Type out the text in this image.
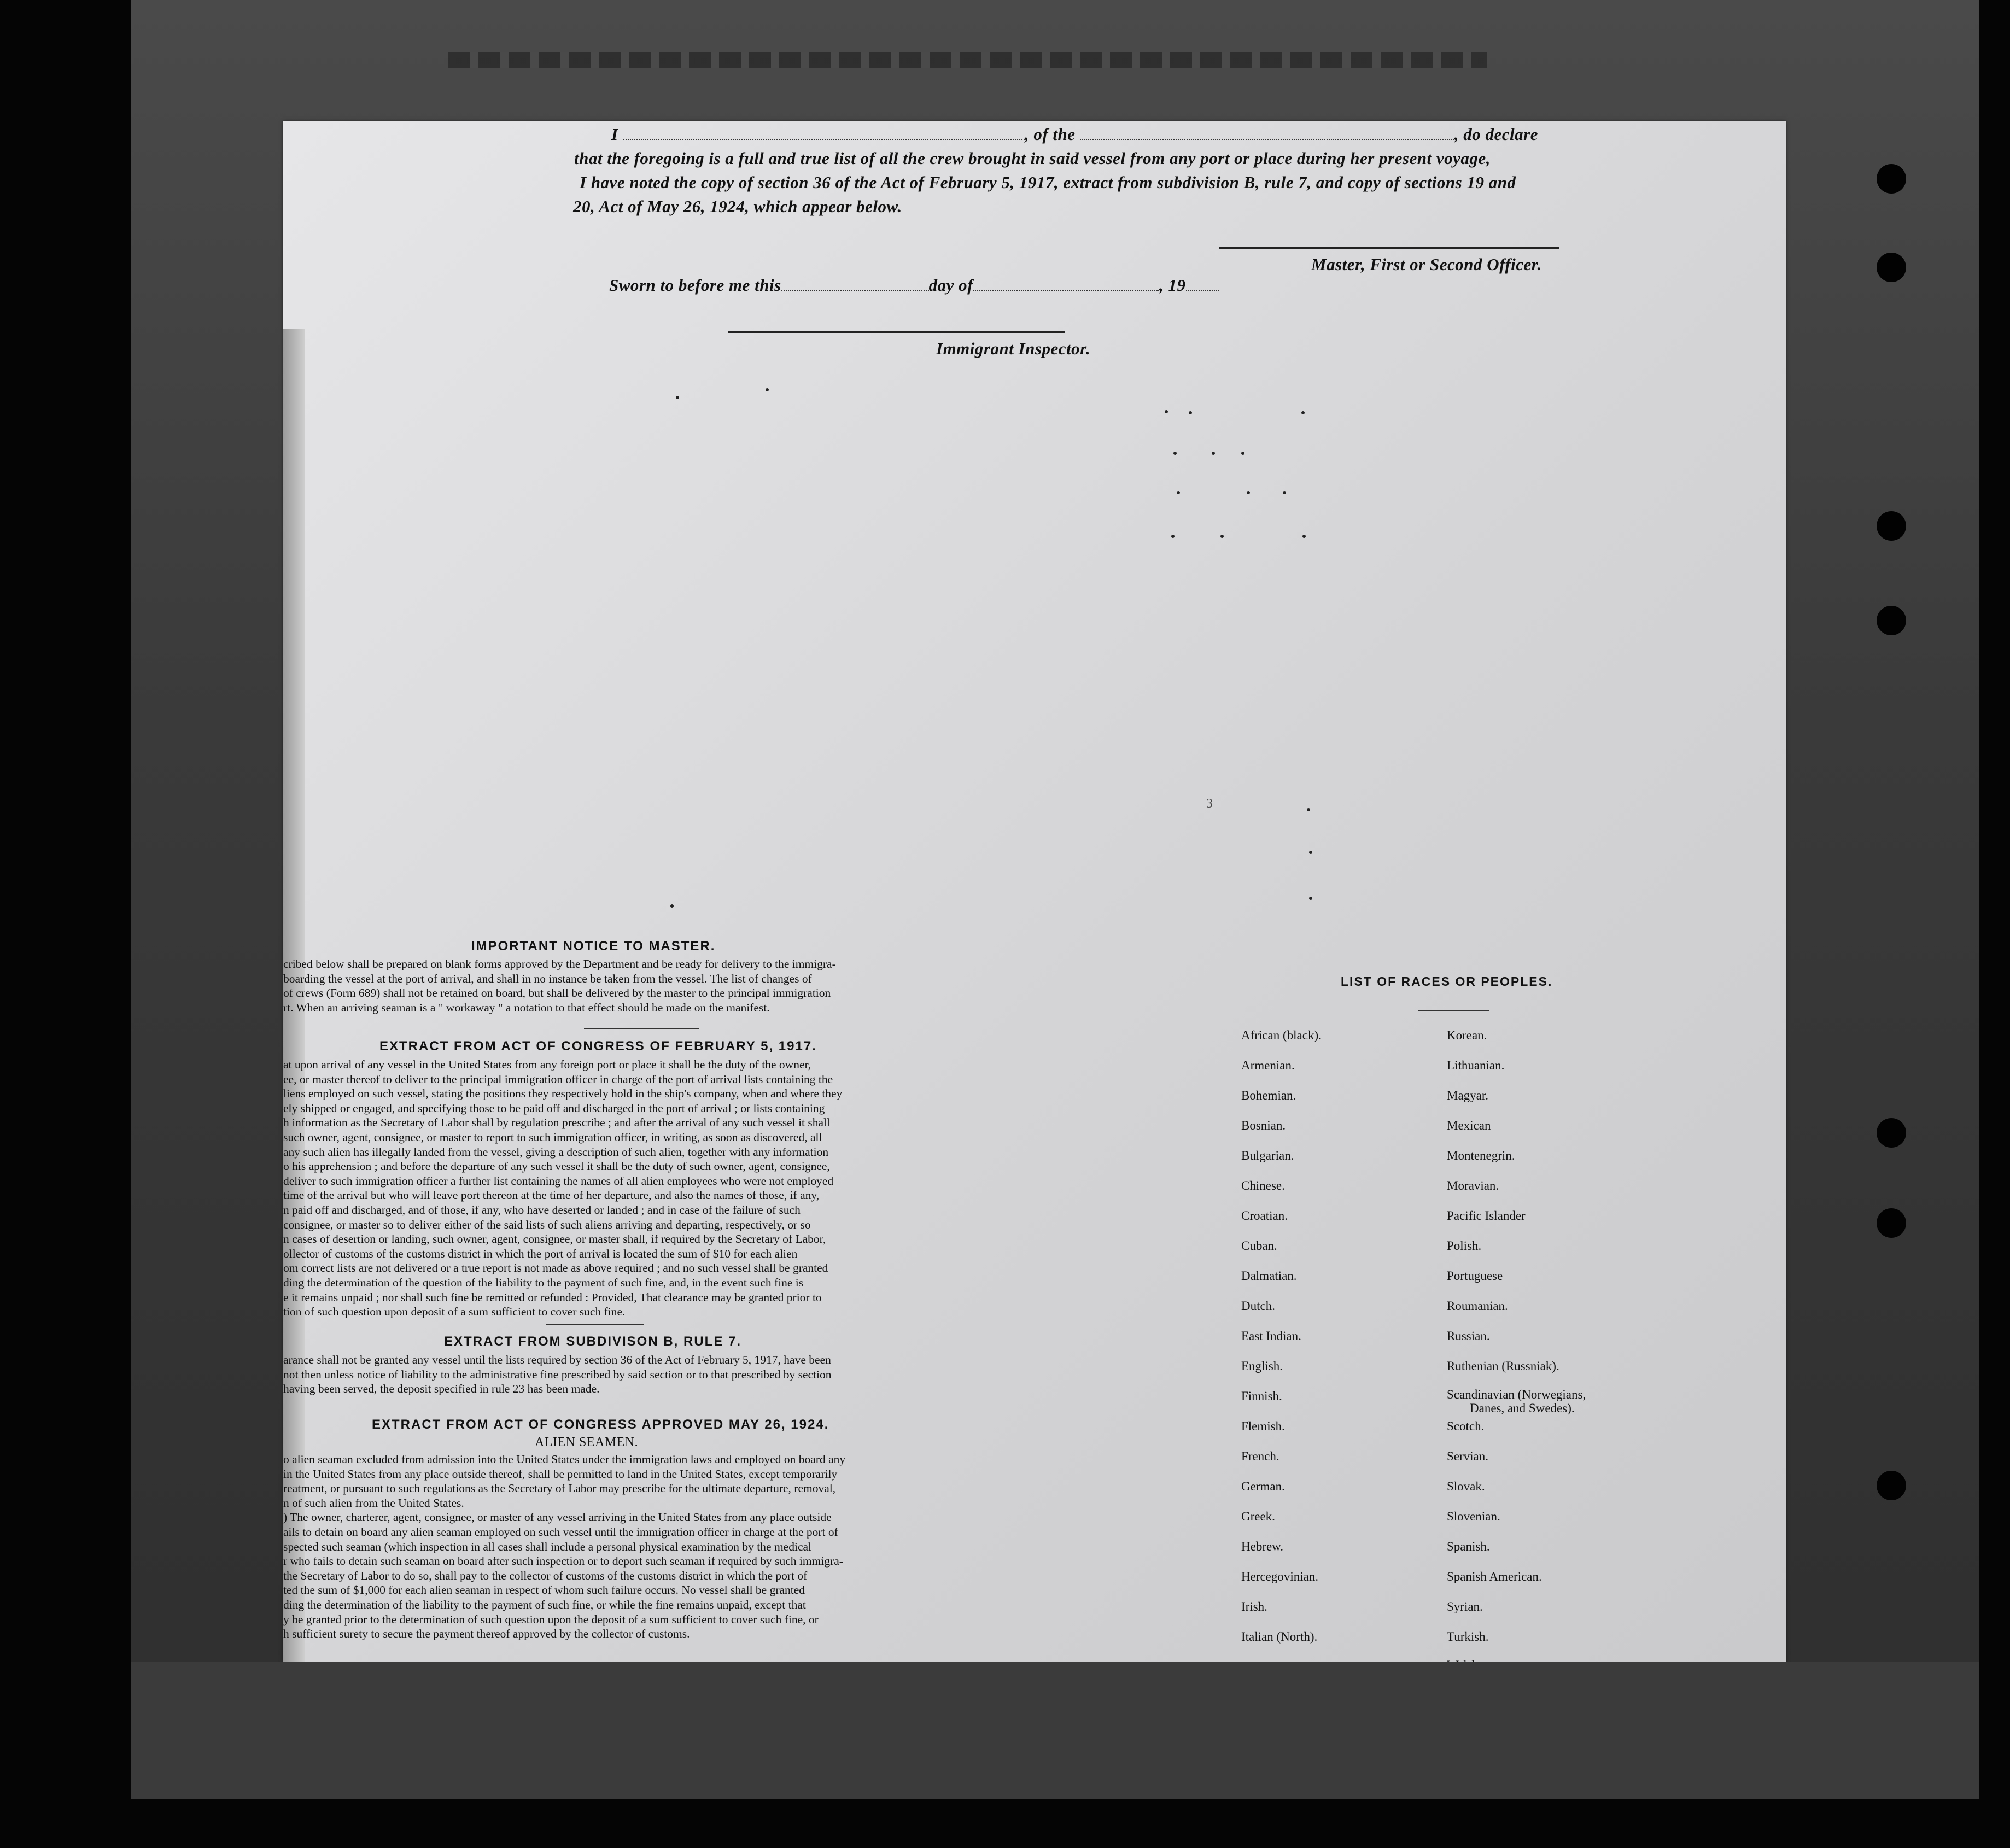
I	, of the	, do declare
that the foregoing is a full and true list of all the crew brought in said vessel from any port or place during her present voyage,
I have noted the copy of section 36 of the Act of February 5, 1917, extract from subdivision B, rule 7, and copy of sections 19 and
20, Act of May 26, 1924, which appear below.
Master, First or Second Officer.
Sworn to before me this	day of	, 19
Immigrant Inspector.
3
IMPORTANT NOTICE TO MASTER.
cribed below shall be prepared on blank forms approved by the Department and be ready for delivery to the immigra-
boarding the vessel at the port of arrival, and shall in no instance be taken from the vessel. The list of changes of
of crews (Form 689) shall not be retained on board, but shall be delivered by the master to the principal immigration
rt. When an arriving seaman is a " workaway " a notation to that effect should be made on the manifest.
EXTRACT FROM ACT OF CONGRESS OF FEBRUARY 5, 1917.
at upon arrival of any vessel in the United States from any foreign port or place it shall be the duty of the owner,
ee, or master thereof to deliver to the principal immigration officer in charge of the port of arrival lists containing the
liens employed on such vessel, stating the positions they respectively hold in the ship's company, when and where they
ely shipped or engaged, and specifying those to be paid off and discharged in the port of arrival ; or lists containing
h information as the Secretary of Labor shall by regulation prescribe ; and after the arrival of any such vessel it shall
such owner, agent, consignee, or master to report to such immigration officer, in writing, as soon as discovered, all
any such alien has illegally landed from the vessel, giving a description of such alien, together with any information
o his apprehension ; and before the departure of any such vessel it shall be the duty of such owner, agent, consignee,
deliver to such immigration officer a further list containing the names of all alien employees who were not employed
time of the arrival but who will leave port thereon at the time of her departure, and also the names of those, if any,
n paid off and discharged, and of those, if any, who have deserted or landed ; and in case of the failure of such
consignee, or master so to deliver either of the said lists of such aliens arriving and departing, respectively, or so
n cases of desertion or landing, such owner, agent, consignee, or master shall, if required by the Secretary of Labor,
ollector of customs of the customs district in which the port of arrival is located the sum of $10 for each alien
om correct lists are not delivered or a true report is not made as above required ; and no such vessel shall be granted
ding the determination of the question of the liability to the payment of such fine, and, in the event such fine is
e it remains unpaid ; nor shall such fine be remitted or refunded : Provided, That clearance may be granted prior to
tion of such question upon deposit of a sum sufficient to cover such fine.
EXTRACT FROM SUBDIVISON B, RULE 7.
arance shall not be granted any vessel until the lists required by section 36 of the Act of February 5, 1917, have been
not then unless notice of liability to the administrative fine prescribed by said section or to that prescribed by section
having been served, the deposit specified in rule 23 has been made.
EXTRACT FROM ACT OF CONGRESS APPROVED MAY 26, 1924.
ALIEN SEAMEN.
o alien seaman excluded from admission into the United States under the immigration laws and employed on board any
in the United States from any place outside thereof, shall be permitted to land in the United States, except temporarily
reatment, or pursuant to such regulations as the Secretary of Labor may prescribe for the ultimate departure, removal,
n of such alien from the United States.
) The owner, charterer, agent, consignee, or master of any vessel arriving in the United States from any place outside
ails to detain on board any alien seaman employed on such vessel until the immigration officer in charge at the port of
spected such seaman (which inspection in all cases shall include a personal physical examination by the medical
r who fails to detain such seaman on board after such inspection or to deport such seaman if required by such immigra-
the Secretary of Labor to do so, shall pay to the collector of customs of the customs district in which the port of
ted the sum of $1,000 for each alien seaman in respect of whom such failure occurs. No vessel shall be granted
ding the determination of the liability to the payment of such fine, or while the fine remains unpaid, except that
y be granted prior to the determination of such question upon the deposit of a sum sufficient to cover such fine, or
h sufficient surety to secure the payment thereof approved by the collector of customs.
LIST OF RACES OR PEOPLES.
African (black).
Armenian.
Bohemian.
Bosnian.
Bulgarian.
Chinese.
Croatian.
Cuban.
Dalmatian.
Dutch.
East Indian.
English.
Finnish.
Flemish.
French.
German.
Greek.
Hebrew.
Hercegovinian.
Irish.
Italian (North).
Korean.
Lithuanian.
Magyar.
Mexican
Montenegrin.
Moravian.
Pacific Islander
Polish.
Portuguese
Roumanian.
Russian.
Ruthenian (Russniak).
Scandinavian (Norwegians,
Danes, and Swedes).
Scotch.
Servian.
Slovak.
Slovenian.
Spanish.
Spanish American.
Syrian.
Turkish.
